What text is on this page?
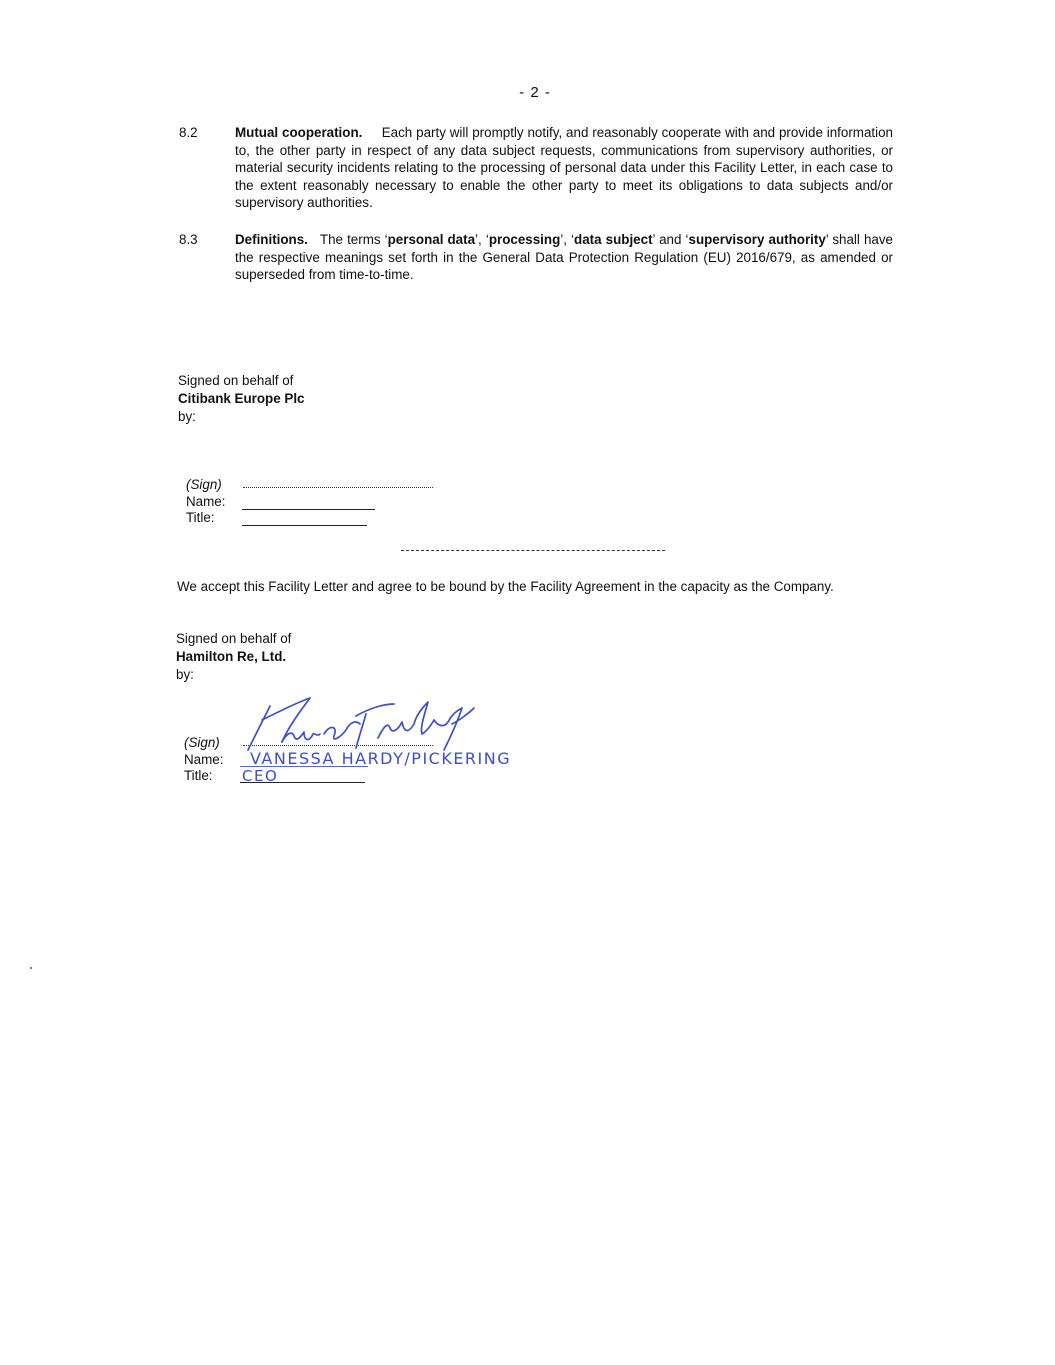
- 2 -
8.2	Mutual cooperation. Each party will promptly notify, and reasonably cooperate with and provide information to, the other party in respect of any data subject requests, communications from supervisory authorities, or material security incidents relating to the processing of personal data under this Facility Letter, in each case to the extent reasonably necessary to enable the other party to meet its obligations to data subjects and/or supervisory authorities.
8.3	Definitions. The terms ‘personal data’, ‘processing’, ‘data subject’ and ‘supervisory authority’ shall have the respective meanings set forth in the General Data Protection Regulation (EU) 2016/679, as amended or superseded from time-to-time.
Signed on behalf of
Citibank Europe Plc
by:
(Sign)
Name:
Title:
We accept this Facility Letter and agree to be bound by the Facility Agreement in the capacity as the Company.
Signed on behalf of
Hamilton Re, Ltd.
by:
(Sign)
Name:
Title:
VANESSA HARDY/PICKERING
CEO
